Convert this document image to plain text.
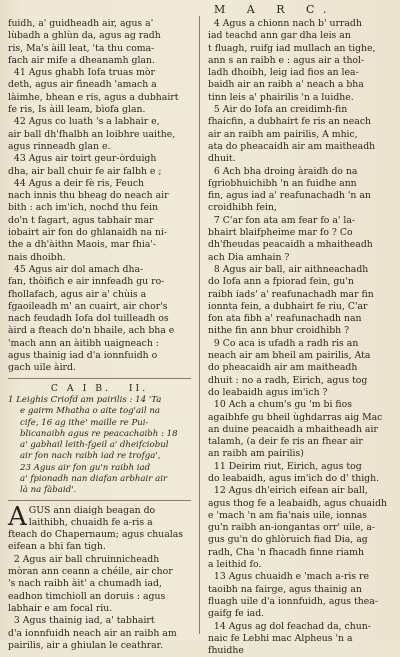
M A R C.
fuidh, a' guidheadh air, agus a'
lùbadh a ghlùn da, agus ag radh
ris, Ma's àill leat, 'ta thu coma-
fach air mife a dheanamh glan.
41 Agus ghabh Iofa truas mòr
deth, agus air fìneadh 'amach a
làimhe, bhean e ris, agus a dubhairt
fe ris, Is àill leam, bìofa glan.
42 Agus co luath 's a labhair e,
air ball dh'fhalbh an loibhre uaithe,
agus rinneadh glan e.
43 Agus air toirt geur-òrduigh
dha, air ball chuir fe air falbh e ;
44 Agus a deir fè ris, Feuch
nach innis thu bheag do neach air
bith : ach im'ich, nochd thu fein
do'n t fagart, agus tabhair mar
iobairt air fon do ghlanaidh na ni-
the a dh'àithn Maois, mar fhia'-
nais dhoibh.
45 Agus air dol amach dha-
fan, thòifich e air innfeadh gu ro-
fhollafach, agus air a' chùis a
fgaoileadh m' an cuairt, air chor's
nach feudadh Iofa dol tuilleadh os
àird a fteach do'n bhaile, ach bha e
'mach ann an àitibh uaigneach :
agus thainig iad d'a ionnfuidh o
gach uile àird.
C A I B.   II.
1 Leighis Criofd am pairilis : 14 'Ta
e gairm Mhatha o aite tog'ail na
cife, 16 ag ithe' maille re Pui-
blicanaibh agus re peacachaibh : 18
a' gabhail leith-fgeil a' dheifciobul
air fon nach raibh iad re trofga',
23 Agus air fon gu'n raibh iad
a' fpionadh nan diafan arbhair air
là na fàbaid'.
A GUS ann diaigh beagan do
laithibh, chuaidh fe a-ris a
fteach do Chapernaum; agus chualas
eifean a bhi fan tigh.
2 Agus air ball chruinnicheadh
mòran ann ceann a chéile, air chor
's nach raibh àit' a chumadh iad,
eadhon timchioll an doruis : agus
labhair e am focal riu.
3 Agus thainig iad, a' tabhairt
d'a ionnfuidh neach air an raibh am
pairilis, air a ghiulan le ceathrar.
4 Agus a chionn nach b' urradh
iad teachd ann gar dha leis an
t fluagh, ruifg iad mullach an tighe,
ann s an raibh e : agus air a thol-
ladh dhoibh, leig iad fios an lea-
baidh air an raibh a' neach a bha
tinn leis a' phairilis 'n a luidhe.
5 Air do Iofa an creidimh-fin
fhaicfin, a dubhairt fe ris an neach
air an raibh am pairilis, A mhic,
ata do pheacaidh air am maitheadh
dhuit.
6 Ach bha droing àraidh do na
fgriobhuichibh 'n an fuidhe ann
fin, agus iad a' reafunachadh 'n an
croidhibh fein,
7 C'ar fon ata am fear fo a' la-
bhairt blaifpheime mar fo ? Co
dh'fheudas peacaidh a mhaitheadh
ach Dia amhain ?
8 Agus air ball, air aithneachadh
do Iofa ann a fpiorad fein, gu'n
raibh iads' a' reafunachadh mar fin
ionnta fein, a dubhairt fe riu, C'ar
fon ata fibh a' reafunachadh nan
nithe fin ann bhur croidhibh ?
9 Co aca is ufadh a radh ris an
neach air am bheil am pairilis, Ata
do pheacaidh air am maitheadh
dhuit : no a radh, Eirich, agus tog
do leabaidh agus im'ich ?
10 Ach a chum's gu 'm bi fios
agaibhfe gu bheil ùghdarras aig Mac
an duine peacaidh a mhaitheadh air
talamh, (a deir fe ris an fhear air
an raibh am pairilis)
11 Deirim riut, Eirich, agus tog
do leabaidh, agus im'ich do d' thigh.
12 Agus dh'eirich eifean air ball,
agus thog fe a leabaidh, agus chuaidh
e 'mach 'n am fia'nais uile, ionnas
gu'n raibh an-iongantas orr' uile, a-
gus gu'n do ghlòruich fiad Dia, ag
radh, Cha 'n fhacadh finne riamh
a leithid fo.
13 Agus chuaidh e 'mach a-ris re
taoibh na fairge, agus thainig an
fluagh uile d'a ionnfuidh, agus thea-
gaifg fe iad.
14 Agus ag dol feachad da, chun-
naic fe Lebhi mac Alpheus 'n a
fhuidhe
